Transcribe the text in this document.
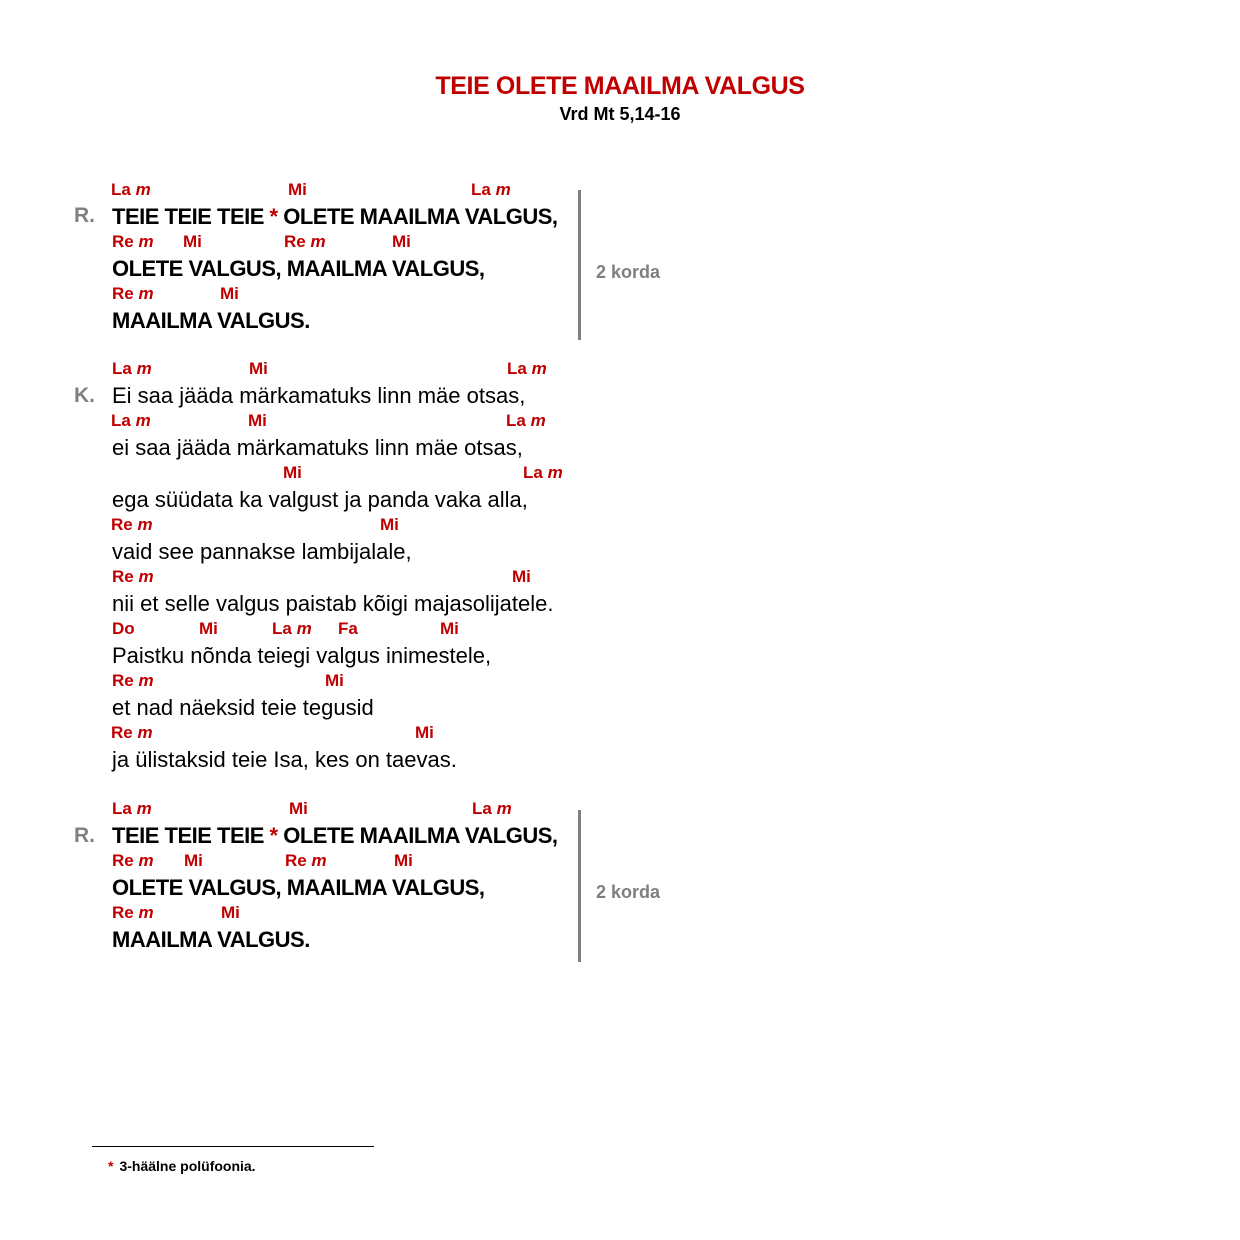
TEIE OLETE MAAILMA VALGUS
Vrd Mt 5,14-16
R.
La m	Mi	La m
TEIE TEIE TEIE * OLETE MAAILMA VALGUS,
Re m Mi	Re m	Mi
OLETE VALGUS, MAAILMA VALGUS,
Re m	Mi
MAAILMA VALGUS.
2 korda
K.
La m	Mi	La m
Ei saa jääda märkamatuks linn mäe otsas,
La m	Mi	La m
ei saa jääda märkamatuks linn mäe otsas,
Mi	La m
ega süüdata ka valgust ja panda vaka alla,
Re m	Mi
vaid see pannakse lambijalale,
Re m	Mi
nii et selle valgus paistab kõigi majasolijatele.
Do	Mi	La m Fa	Mi
Paistku nõnda teiegi valgus inimestele,
Re m	Mi
et nad näeksid teie tegusid
Re m	Mi
ja ülistaksid teie Isa, kes on taevas.
R.
La m	Mi	La m
TEIE TEIE TEIE * OLETE MAAILMA VALGUS,
Re m Mi	Re m	Mi
OLETE VALGUS, MAAILMA VALGUS,
Re m	Mi
MAAILMA VALGUS.
2 korda
* 3-häälne polüfoonia.
